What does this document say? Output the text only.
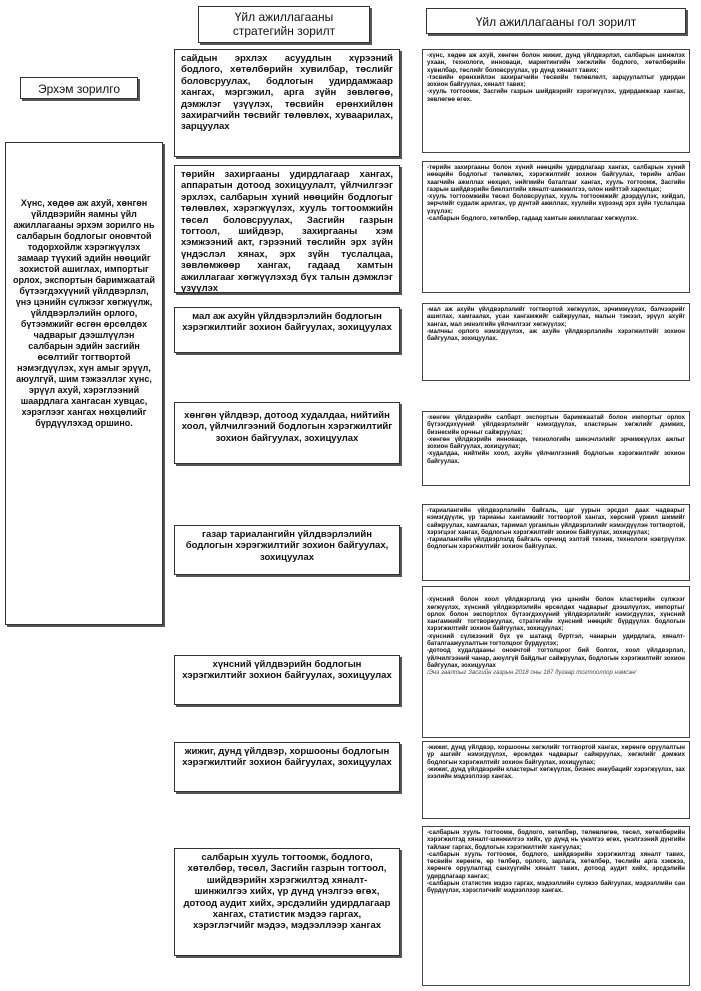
Үйл ажиллагааны стратегийн зорилт
Үйл ажиллагааны гол зорилт
Эрхэм зорилго
Хүнс, хөдөө аж ахуй, хөнгөн үйлдвэрийн яамны үйл ажиллагааны эрхэм зорилго нь салбарын бодлогыг оновчтой тодорхойлж хэрэгжүүлэх замаар түүхий эдийн нөөцийг зохистой ашиглах, импортыг орлох, экспортын баримжаатай бүтээгдэхүүний үйлдвэрлэл, үнэ цэнийн сүлжээг хөгжүүлж, үйлдвэрлэлийн орлого, бүтээмжийг өсгөн өрсөлдөх чадварыг дээшлүүлэн салбарын эдийн засгийн өсөлтийг тогтвортой нэмэгдүүлэх, хүн амыг эрүүл, аюулгүй, шим тэжээллэг хүнс, эрүүл ахуй, хэрэглээний шаардлага хангасан хувцас, хэрэглээг хангах нөхцөлийг бүрдүүлэхэд оршино.
сайдын эрхлэх асуудлын хүрээний бодлого, хөтөлбөрийн хувилбар, төслийг боловсруулах, бодлогын удирдамжаар хангах, мэргэжил, арга зүйн зөвлөгөө, дэмжлэг үзүүлэх, төсвийн ерөнхийлөн захирагчийн төсвийг төлөвлөх, хуваарилах, зарцуулах
төрийн захиргааны удирдлагаар хангах, аппаратын дотоод зохицуулалт, үйлчилгээг эрхлэх, салбарын хүний нөөцийн бодлогыг төлөвлөх, хэрэгжүүлэх, хууль тогтоомжийн төсөл боловсруулах, Засгийн газрын тогтоол, шийдвэр, захиргааны хэм хэмжээний акт, гэрээний төслийн эрх зүйн үндэслэл хянах, эрх зүйн туслалцаа, зөвлөмжөөр хангах, гадаад хамтын ажиллагааг хөгжүүлэхэд бүх талын дэмжлэг үзүүлэх
мал аж ахуйн үйлдвэрлэлийн бодлогын хэрэгжилтийг зохион байгуулах, зохицуулах
хөнгөн үйлдвэр, дотоод худалдаа, нийтийн хоол, үйлчилгээний бодлогын хэрэгжилтийг зохион байгуулах, зохицуулах
газар тариалангийн үйлдвэрлэлийн бодлогын хэрэгжилтийг зохион байгуулах, зохицуулах
хүнсний үйлдвэрийн бодлогын хэрэгжилтийг зохион байгуулах, зохицуулах
жижиг, дунд үйлдвэр, хоршооны бодлогын хэрэгжилтийг зохион байгуулах, зохицуулах
салбарын хууль тогтоомж, бодлого, хөтөлбөр, төсөл, Засгийн газрын тогтоол, шийдвэрийн хэрэгжилтэд хяналт-шинжилгээ хийх, үр дүнд үнэлгээ өгөх, дотоод аудит хийх, эрсдэлийн удирдлагаар хангах, статистик мэдээ гаргах, хэрэглэгчийг мэдээ, мэдээллээр хангах
-хүнс, хөдөө аж ахуй, хөнгөн болон жижиг, дунд үйлдвэрлэл, салбарын шинжлэх ухаан, технологи, инноваци, маркетингийн хөгжлийн бодлого, хөтөлбөрийн хувилбар, төслийг боловсруулах, үр дүнд хяналт тавих;
-тэсвийн ерөнхийлэн захирагчийн төсвийн төлөвлөлт, зарцуулалтыг удирдан зохион байгуулах, хяналт тавих;
-хууль тогтоомж, Засгийн газрын шийдвэрийг хэрэгжүүлэх, удирдамжаар хангах, зөвлөгөө өгөх.
-төрийн захиргааны болон хүний нөөцийн удирдлагаар хангах, салбарын хүний нөөцийн бодлогыг төлөвлөх, хэрэгжилтийг зохион байгуулах, төрийн албан хаагчийн ажиллах нөхцөл, нийгмийн баталгааг хангах, хууль тогтоомж, Засгийн газрын шийдвэрийн биелэлтийн хяналт-шинжилгээ, олон нийттэй харилцах;
-хууль тогтоомжийн төсөл боловсруулах, хууль тогтоомжийг дээрдүүлэх, хийдэл, зөрчлийг судалж арилгах, үр дүнтэй ажиллах, хуулийн хүрээнд эрх зүйн туслалцаа үзүүлэх;
-салбарын бодлого, хөтөлбөр, гадаад хамтын ажиллагааг хөгжүүлэх.
-мал аж ахуйн үйлдвэрлэлийг тогтвортой хөгжүүлэх, эрчимжүүлэх, бэлчээрийг ашиглах, хамгаалах, усан хангамжийг сайжруулах, малын тэжээл, эрүүл ахуйг хангах, мал эмнэлгийн үйлчилгээг хөгжүүлэх;
-малчны орлого нэмэгдүүлэх, аж ахуйн үйлдвэрлэлийн хэрэгжилтийг зохион байгуулах, зохицуулах.
-хөнгөн үйлдвэрийн салбарт экспортын баримжаатай болон импортыг орлох бүтээгдэхүүний үйлдвэрлэлийг нэмэгдүүлэх, кластерын хөгжлийг дэмжих, бизнесийн орчныг сайжруулах;
-хөнгөн үйлдвэрийн инноваци, технологийн шинэчлэлийг эрчимжүүлэх ажлыг зохион байгуулах, зохицуулах;
-худалдаа, нийтийн хоол, ахуйн үйлчилгээний бодлогын хэрэгжилтийг зохион байгуулах.
-тариалангийн үйлдвэрлэлийн байгаль, цаг уурын эрсдэл даах чадварыг нэмэгдүүлж, үр тарианы хангамжийг тогтвортой хангах, хөрсний үржил шимийг сайжруулах, хамгаалах, таримал ургамлын үйлдвэрлэлийг нэмэгдүүлэн тогтвортой, хэрэгцээг хангах, бодлогын хэрэгжилтийг зохион байгуулах, зохицуулах;
-тариалангийн үйлдвэрлэлд байгаль орчинд ээлтэй техник, технологи нэвтрүүлэх бодлогын хэрэгжилтийг зохион байгуулах.

-хүнсний болон хоол үйлдвэрлэлд үнэ цэнийн болон кластерийн сүлжээг хөгжүүлэх, хүнсний үйлдвэрлэлийн өрсөлдөх чадварыг дээшлүүлэх, импортыг орлох болон экспортлох бүтээгдэхүүний үйлдвэрлэлийг нэмэгдүүлэх, хүнсний хангамжийг тогтворжуулах, стратегийн хүнсний нөөцийг бүрдүүлэх бодлогын хэрэгжилтийг зохион байгуулах, зохицуулах;
-хүнсний сүлжээний бүх үе шатанд бүртгэл, чанарын удирдлага, хяналт-баталгаажуулалтын тогтолцоог бүрдүүлэх;
-дотоод худалдааны оновчтой тогтолцоог бий болгох, хоол үйлдвэрлэл, үйлчилгээний чанар, аюулгүй байдлыг сайжруулах, бодлогын хэрэгжилтийг зохион байгуулах, зохицуулах
/Энэ заалтыг Засгийн газрын 2018 оны 187 дугаар тогтоолоор нэмсэн/

-жижиг, дунд үйлдвэр, хоршооны хөгжлийг тогтвортой хангах, хөрөнгө оруулалтын үр ашгийг нэмэгдүүлэх, өрсөлдөх чадварыг сайжруулах, хөгжлийг дэмжих бодлогын хэрэгжилтийг зохион байгуулах, зохицуулах;
-жижиг, дунд үйлдвэрийн кластерыг хөгжүүлэх, бизнес инкубацийг хэрэгжүүлэх, зах зээлийн мэдээллээр хангах.
-салбарын хууль тогтоомж, бодлого, хөтөлбөр, төлөвлөгөө, төсөл, хөтөлбөрийн хэрэгжилтэд хяналт-шинжилгээ хийх, үр дүнд нь үнэлгээ өгөх, үнэлгээний дүнгийн тайланг гаргах, бодлогын хэрэгжилтийг хангуулах;
-салбарын хууль тогтоомж, бодлого, шийдвэрийн хэрэгжилтэд хяналт тавих, төсвийн хөрөнгө, өр төлбөр, орлого, зарлага, хөтөлбөр, төслийн арга хэмжээ, хөрөнгө оруулалтад санхүүгийн хяналт тавих, дотоод аудит хийх, эрсдэлийн удирдлагаар хангах;
-салбарын статистик мэдээ гаргах, мэдээллийн сүлжээ байгуулах, мэдээллийн сан бүрдүүлэх, хэрэглэгчийг мэдээллээр хангах.
